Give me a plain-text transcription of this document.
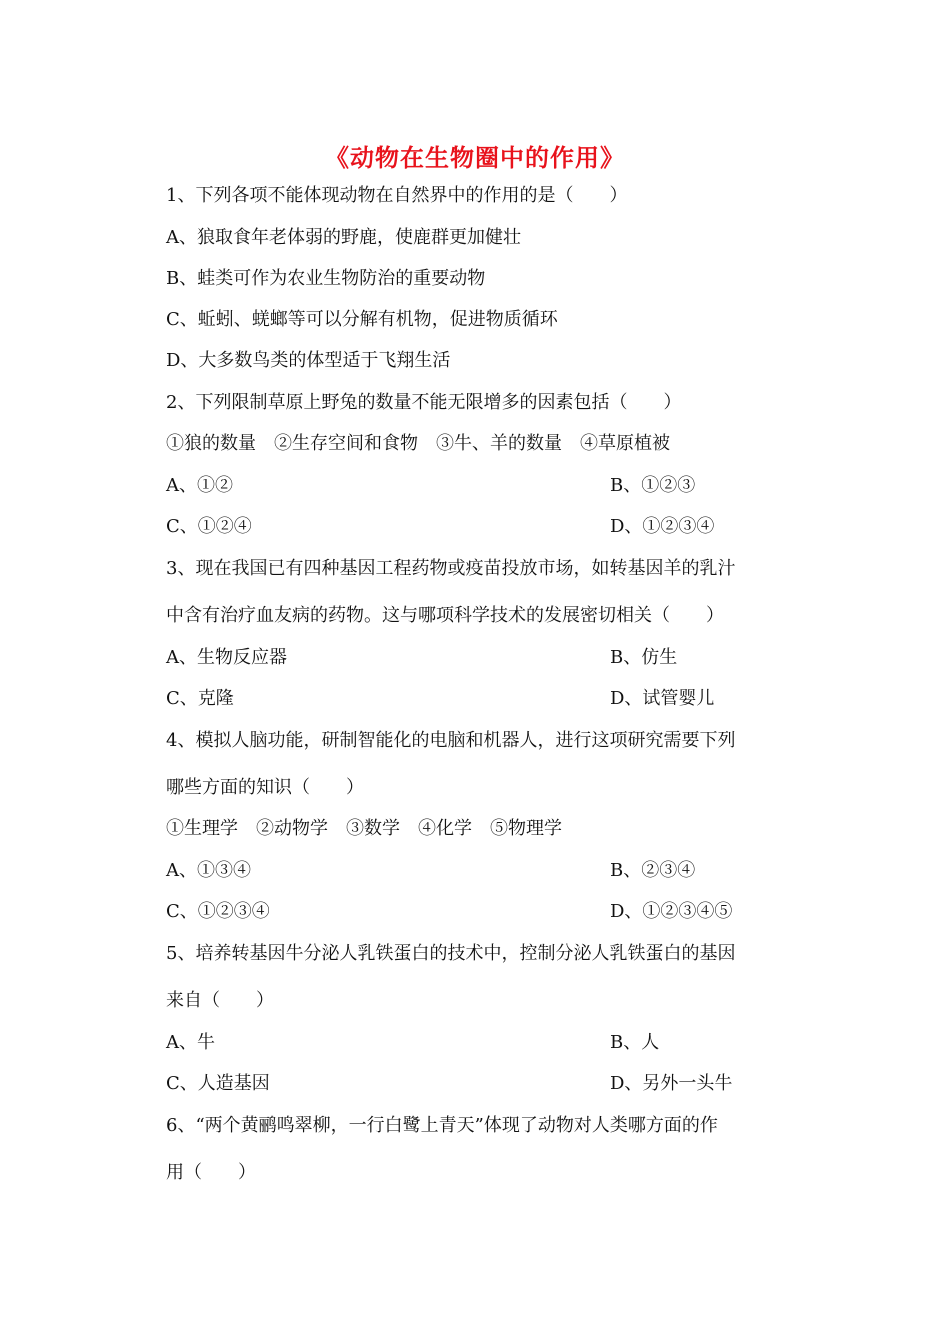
《动物在生物圈中的作用》
1、下列各项不能体现动物在自然界中的作用的是（　　）
A、狼取食年老体弱的野鹿，使鹿群更加健壮
B、蛙类可作为农业生物防治的重要动物
C、蚯蚓、蜣螂等可以分解有机物，促进物质循环
D、大多数鸟类的体型适于飞翔生活
2、下列限制草原上野兔的数量不能无限增多的因素包括（　　）
①狼的数量　②生存空间和食物　③牛、羊的数量　④草原植被
A、①②	B、①②③
C、①②④	D、①②③④
3、现在我国已有四种基因工程药物或疫苗投放市场，如转基因羊的乳汁
中含有治疗血友病的药物。这与哪项科学技术的发展密切相关（　　）
A、生物反应器	B、仿生
C、克隆	D、试管婴儿
4、模拟人脑功能，研制智能化的电脑和机器人，进行这项研究需要下列
哪些方面的知识（　　）
①生理学　②动物学　③数学　④化学　⑤物理学
A、①③④	B、②③④
C、①②③④	D、①②③④⑤
5、培养转基因牛分泌人乳铁蛋白的技术中，控制分泌人乳铁蛋白的基因
来自（　　）
A、牛	B、人
C、人造基因	D、另外一头牛
6、“两个黄鹂鸣翠柳，一行白鹭上青天”体现了动物对人类哪方面的作
用（　　）
